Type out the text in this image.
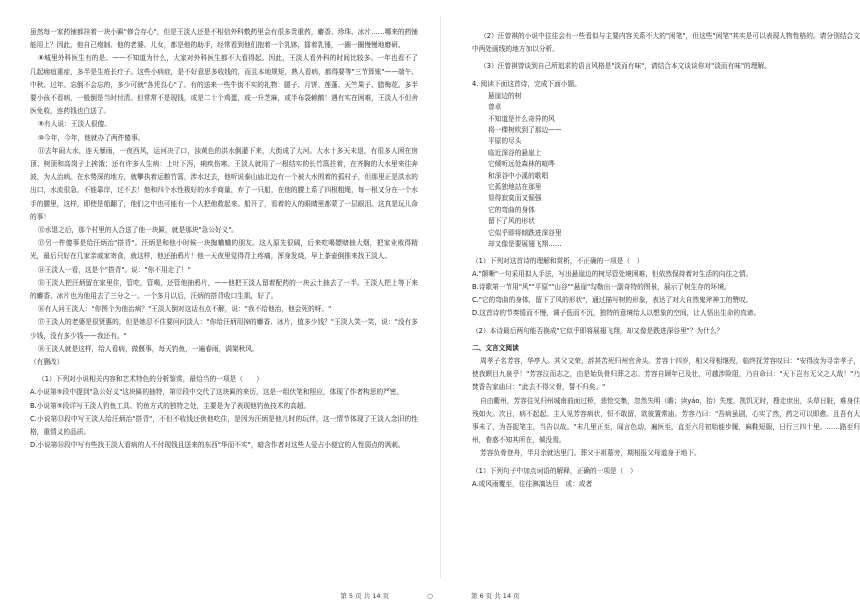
虽然每一家药铺都挂着一块小匾"修合存心"，但是王淡人还是不相信外科敷药里会有很多贵重药，麝香、珍珠、冰片……哪来的药铺能用上？因此，他自己炮制、他的老婆、儿女，都是他的助手，经常看到他们抱着一个乳钵，擂着乳锤，一圈一圈慢慢地磨研。

⑧城里外科医生有的是。——不知道为什么，大家对外科医生都不大看得起。因此，王淡人看外科的时间比较多。一年也看不了几起痈疽重症，多半是生疮长疔子。这些小病症，是不好意思多收钱的，而且本地规矩，熟人看病，都得要等"三节算账"——端午、中秋、过年。忘倒不会忘的，多少可就"各凭良心"了。有的送来一些牛街不实的礼物：腿子、月饼、莲蓬、天竺果子、腊梅花。多半要小孩不看病，一般倒是当时付清。但常常不是现钱，或是二十个鸡蛋，或一升芝麻，或半布袋赖鹅！遇有实在困难，王淡人不但舍医免收，连药钱也白送了。

⑨有人说：王淡人很傻。

⑩今年，今年，他就办了两件傻事。

⑪去年闹大水，连天暴雨，一夜西风，运河决了口，浊黄色的洪水倒灌下来，大街成了大河。大水十多天未退，有很多人困在房顶、树顶和高岗子上挨饿；还有许多人生病：上吐下泻，痢疾伤寒。王淡人就用了一根结实的长竹篙拄着，在齐胸的大水里来往奔波，为人治病。在水势深的地方，就攀执着运粮竹篙，涉水过去，他听说泰山庙北边有一个被大水围着的孤村子，但那里正是洪水的出口，水流很急，不能靠岸，过不去！他和四个水性极好的水手商量，弃了一只船，在他的腰上系了四根粗绳，每一根又分在一个水手的腰里，这样，即使是船翻了，他们之中也可能有一个人把他救起来。船开了，看着的人的眼睛里都蒙了一层眼泪。这真是玩儿命的事！

⑫水退之后，那个村里的人合送了他一块匾，就是那块"急公好义"。

⑬另一件傻事是给汪炳治"搭背"。汪炳是和他小时候一块掏蛐蛐的朋友。这人原先很阔，后来吃喝嫖赌抽大烟，把家业败得精光，最后只好在几家亲戚家寄食，就这样，他还抽鸦片！他一天夜里觉得背上疼痛，浑身发烧，早上茶壶倒推来找王淡人。

⑭王淡人一看，这是个"搭背"。说："你不用走了！"

⑮王淡人把汪炳留在家里住，管吃，管喝，还管他抽鸦片，——他把王淡人留着配药的一块云土抽去了一半。王淡人把上等下来的麝香、冰片也为他用去了三分之一。一个多月以后，汪炳的搭背收口生肌，好了。

⑯有人问王淡人："你图个为他治病？"王淡人倒对这话有点不解，说："我不给他治，他会死的呀。"

⑰王淡人的老婆是很贤惠的，但是她忍不住要问问淡人："你给汪炳用掉的麝香、冰片，值多少钱？"王淡人笑一笑，说："没有多少钱，没有多少钱——我还有。"

⑱王淡人就是这样，给人看病，做偃事，每天钓鱼，一遍春雨，满架秋风。

（有删改）

（1）下列对小说相关内容和艺术特色的分析鉴赏，最恰当的一项是（　　）

A.小说第⑤段中提到"急公好义"这块匾的抽特，第⑫段中交代了这块匾的来历，这是一组伏笔和照应，体现了作者构思的严密。

B.小说第⑤段详写王淡人钓鱼工具、钓鱼方式的独特之处，主要是为了表现他钓鱼技术的高超。

C.小说第⑬段中写王淡人给汪炳治"搭背"，不但不收钱还供他吃住，是因为汪炳是他儿时的玩伴，这一情节体现了王淡人念旧的性格，重情义的品质。

D.小说第⑯段中写有些找王淡人看病的人不付现钱且送来的东西"华而不实"，暗含作者对这些人爱占小便宜的人性弱点的讽刺。

（2）汪曾祺的小说中往往会有一些看似与主要内容关系不大的"闲笔"，但这些"闲笔"其实是可以表现人物性格的。请分别结合文中两处画线的地方加以分析。

（3）汪曾祺曾谈到自己所追求的语言风格是"淡而有味"，请结合本文谈谈你对"淡而有味"的理解。

4. 阅读下面这首诗，完成下面小题。

悬崖边的树

曾卓

不知道是什么奇异的风

将一棵树吹到了那边——

平原的尽头

临近深谷的悬崖上

它倾听远处森林的喧哗

和深谷中小溪的歌唱

它孤独地站在那里

显得寂寞而又倔强

它的弯曲的身体

留下了风的形状

它似乎即将倾跌进深谷里

却又像是要展翅飞翔……

（1）下列对这首诗的理解和赏析，不正确的一项是（　）

A."颠晰"一句采用拟人手法，写出悬崖边的树尽管处境困难，但依然保持着对生活的向往之情。

B.诗歌第一节用"风""平原""山谷""悬崖"勾勒出一副奇特的图景，展示了树生存的环境。

C."它的弯曲的身体，留下了风的形状"，通过描写树的形象，表达了对大自然鬼斧神工的赞叹。

D.这首诗的节奏缓而不慢，调子低而不沉，独特的意境给人以想象的空间，让人悟出生命的真谛。

（2）本诗最后两句能否换成"它似乎即将展翅飞翔，却又像是跌进深谷里"？为什么？

二、文言文阅读

周孝子名芳容，华亭人。其父文荣，辞甚苦死归州官舍头。芳容十四岁，相父母相继殁，临终抚芳容叹曰："安得汝为寻亲孝子，使我瞑目九泉乎！"芳容泣而志之，由是始负骨归葬之志。芳容自顾年已及壮，可越涉险阻，乃自命曰："天下岂有无父之人哉！"乃焚香告家庙曰："此去不得父骨，誓不归矣。"

自由衢州，芳容往见归州城南前面过桥，悲怆交集，忽然失明（瞻；读yáo，抬）失度，凯饥无时，搜走庶出，头草日脏，难身住残如火。次日，病不起起。主人见芳容病状，恒不敢留，欲彼置常庙。芳容乃曰："吾病虽剧，心实了然，药之可以即愈。且吾有大事未了，为吾捉笔主，当告以故。"末几里正至，闻言色动，遍医至，直至六月初始能步履，麻鞋短服，日行三四十里。……路至归州，眷惑不知其所在，倾没焉。

芳容负骨登舟，半月余就达里门。葬父于祖墓旁，期相报父母道身于地下。

（1）下列句子中加点词语的解释，正确的一项是（　）

A.或风雨覆至，往往淋漓达旦　或：或者

第 5 页 共 14 页	○	第 6 页 共 14 页
